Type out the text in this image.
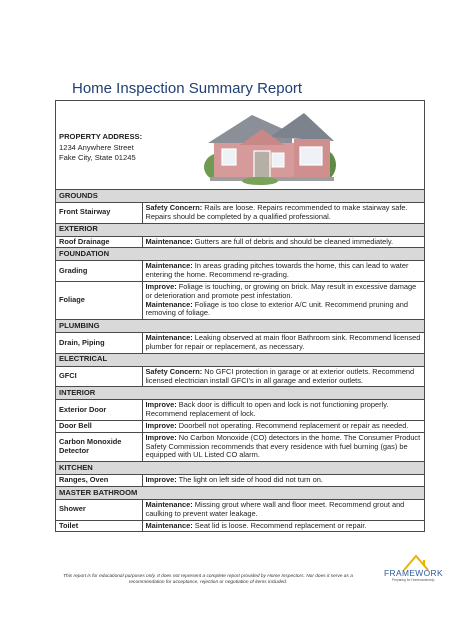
Home Inspection Summary Report
PROPERTY ADDRESS:
1234 Anywhere Street
Fake City, State 01245
GROUNDS	
Front Stairway	Safety Concern: Rails are loose. Repairs recommended to make stairway safe. Repairs should be completed by a qualified professional.
EXTERIOR	
Roof Drainage	Maintenance: Gutters are full of debris and should be cleaned immediately.
FOUNDATION	
Grading	Maintenance: In areas grading pitches towards the home, this can lead to water entering the home. Recommend re-grading.
Foliage	Improve: Foliage is touching, or growing on brick. May result in excessive damage or deterioration and promote pest infestation.
Maintenance: Foliage is too close to exterior A/C unit. Recommend pruning and removing of foliage.
PLUMBING	
Drain, Piping	Maintenance: Leaking observed at main floor Bathroom sink. Recommend licensed plumber for repair or replacement, as necessary.
ELECTRICAL	
GFCI	Safety Concern: No GFCI protection in garage or at exterior outlets. Recommend licensed electrician install GFCI's in all garage and exterior outlets.
INTERIOR	
Exterior Door	Improve: Back door is difficult to open and lock is not functioning properly. Recommend replacement of lock.
Door Bell	Improve: Doorbell not operating. Recommend replacement or repair as needed.
Carbon Monoxide Detector	Improve: No Carbon Monoxide (CO) detectors in the home. The Consumer Product Safety Commission recommends that every residence with fuel burning (gas) be equipped with UL Listed CO alarm.
KITCHEN	
Ranges, Oven	Improve: The light on left side of hood did not turn on.
MASTER BATHROOM	
Shower	Maintenance: Missing grout where wall and floor meet. Recommend grout and caulking to prevent water leakage.
Toilet	Maintenance: Seat lid is loose. Recommend replacement or repair.
This report is for educational purposes only. It does not represent a complete report provided by Home Inspectors. Nor does it serve as a
recommendation for acceptance, rejection or negotiation of items included.
FRAMEWORK
Preparing for Homeownership
